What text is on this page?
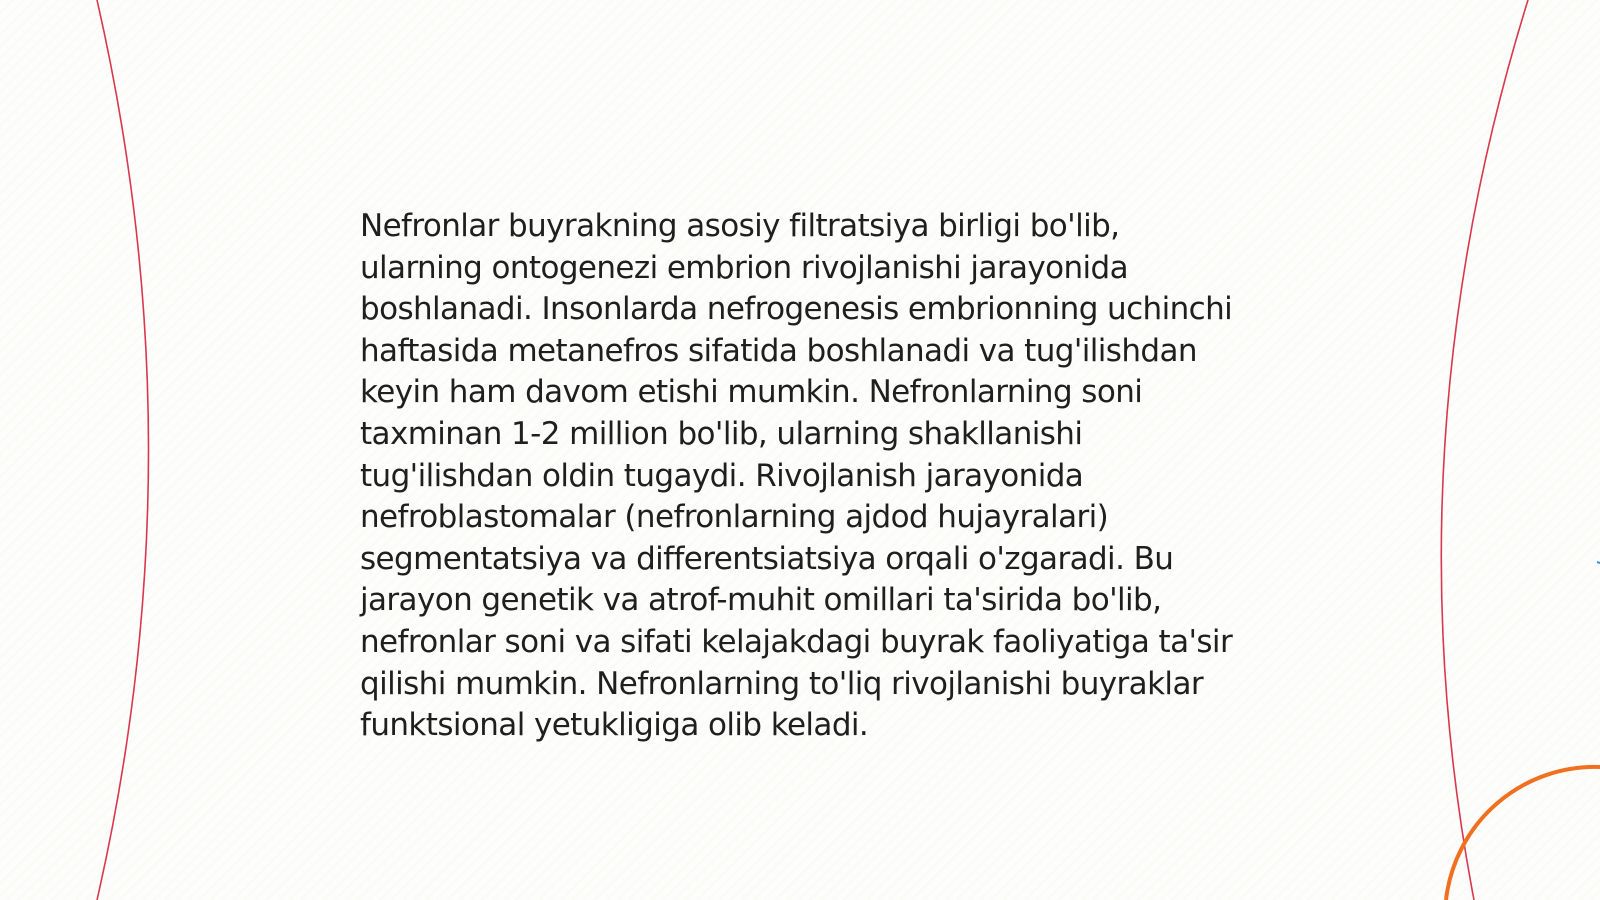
Nefronlar buyrakning asosiy filtratsiya birligi bo'lib, ularning ontogenezi embrion rivojlanishi jarayonida boshlanadi. Insonlarda nefrogenesis embrionning uchinchi haftasida metanefros sifatida boshlanadi va tug'ilishdan keyin ham davom etishi mumkin. Nefronlarning soni taxminan 1-2 million bo'lib, ularning shakllanishi tug'ilishdan oldin tugaydi. Rivojlanish jarayonida nefroblastomalar (nefronlarning ajdod hujayralari) segmentatsiya va differentsiatsiya orqali o'zgaradi. Bu jarayon genetik va atrof-muhit omillari ta'sirida bo'lib, nefronlar soni va sifati kelajakdagi buyrak faoliyatiga ta'sir qilishi mumkin. Nefronlarning to'liq rivojlanishi buyraklar funktsional yetukligiga olib keladi.
